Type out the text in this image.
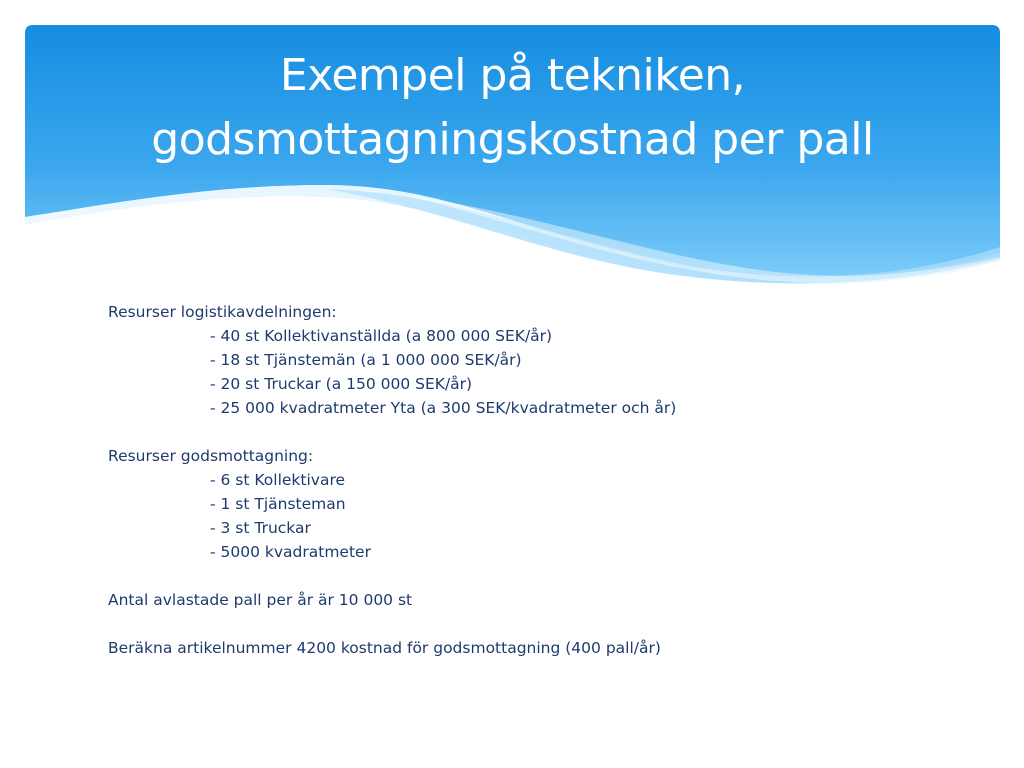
Exempel på tekniken,
godsmottagningskostnad per pall
Resurser logistikavdelningen:
- 40 st Kollektivanställda (a 800 000 SEK/år)
- 18 st Tjänstemän (a 1 000 000 SEK/år)
- 20 st Truckar (a 150 000 SEK/år)
- 25 000 kvadratmeter Yta (a 300 SEK/kvadratmeter och år)
Resurser godsmottagning:
- 6 st Kollektivare
- 1 st Tjänsteman
- 3 st Truckar
- 5000 kvadratmeter
Antal avlastade pall per år är 10 000 st
Beräkna artikelnummer 4200 kostnad för godsmottagning (400 pall/år)
